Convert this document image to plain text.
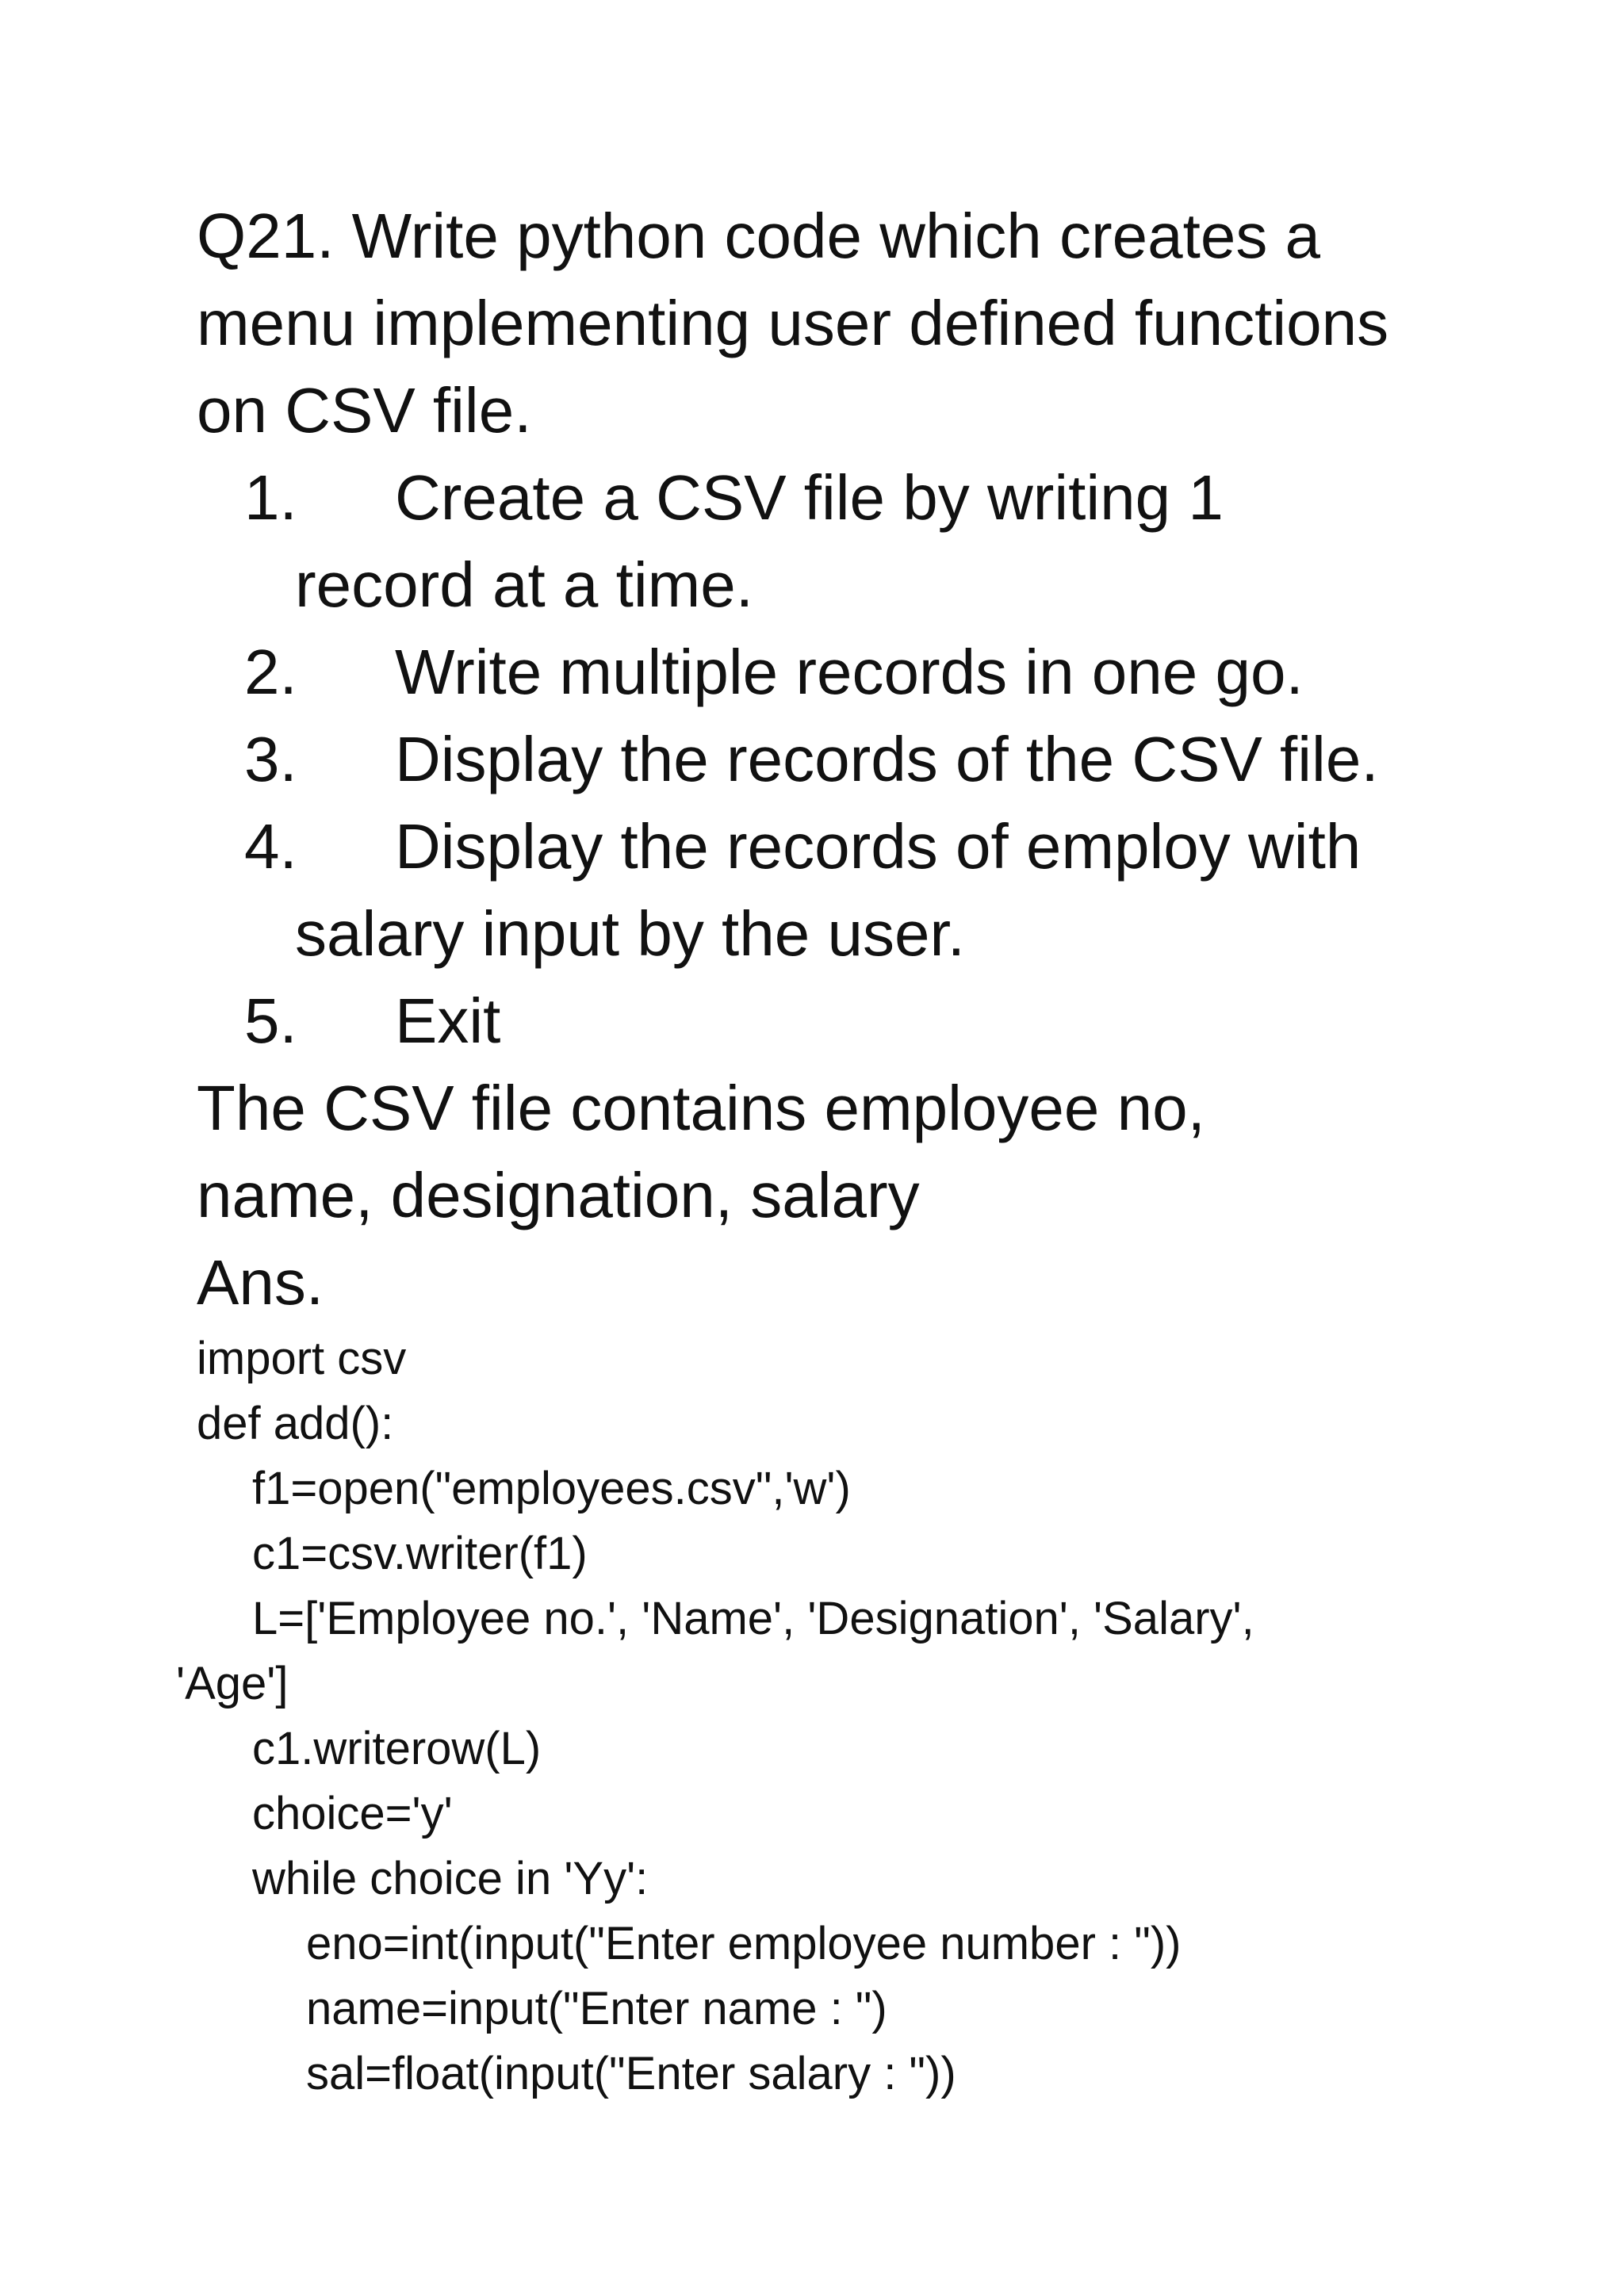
Q21. Write python code which creates a
menu implementing user defined functions
on CSV file.
1. Create a CSV file by writing 1
record at a time.
2. Write multiple records in one go.
3. Display the records of the CSV file.
4. Display the records of employ with
salary input by the user.
5. Exit
The CSV file contains employee no,
name, designation, salary
Ans.
import csv
def add():
f1=open("employees.csv",'w')
c1=csv.writer(f1)
L=['Employee no.', 'Name', 'Designation', 'Salary',
'Age']
c1.writerow(L)
choice='y'
while choice in 'Yy':
eno=int(input("Enter employee number : "))
name=input("Enter name : ")
sal=float(input("Enter salary : "))
